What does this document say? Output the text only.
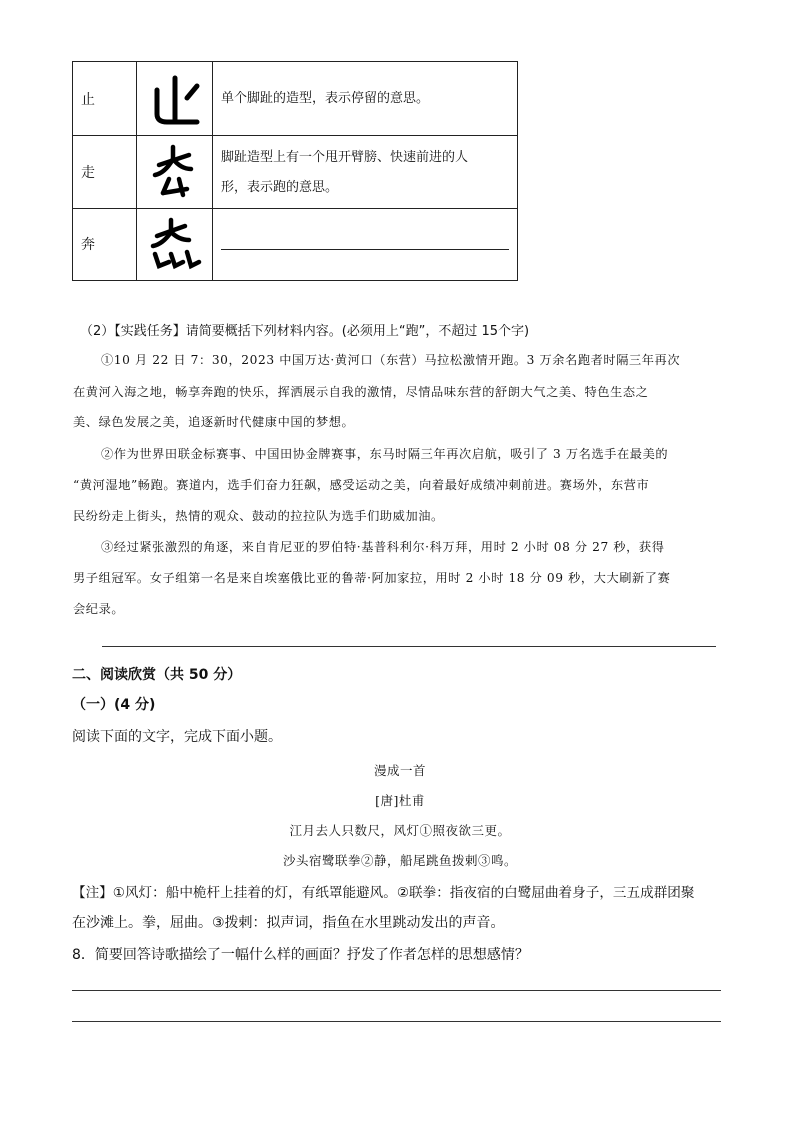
止	单个脚趾的造型，表示停留的意思。
走
脚趾造型上有一个甩开臂膀、快速前进的人
形，表示跑的意思。
奔
（2）【实践任务】请简要概括下列材料内容。(必须用上“跑”，不超过 15个字)
①10 月 22 日 7：30，2023 中国万达·黄河口（东营）马拉松激情开跑。3 万余名跑者时隔三年再次
在黄河入海之地，畅享奔跑的快乐，挥洒展示自我的激情，尽情品味东营的舒朗大气之美、特色生态之
美、绿色发展之美，追逐新时代健康中国的梦想。
②作为世界田联金标赛事、中国田协金牌赛事，东马时隔三年再次启航，吸引了 3 万名选手在最美的
“黄河湿地”畅跑。赛道内，选手们奋力狂飙，感受运动之美，向着最好成绩冲刺前进。赛场外，东营市
民纷纷走上街头，热情的观众、鼓动的拉拉队为选手们助威加油。
③经过紧张激烈的角逐，来自肯尼亚的罗伯特·基普科利尔·科万拜，用时 2 小时 08 分 27 秒，获得
男子组冠军。女子组第一名是来自埃塞俄比亚的鲁蒂·阿加家拉，用时 2 小时 18 分 09 秒，大大刷新了赛
会纪录。
二、阅读欣赏（共 50 分）
（一）(4 分)
阅读下面的文字，完成下面小题。
漫成一首
[唐]杜甫
江月去人只数尺，风灯①照夜欲三更。
沙头宿鹭联拳②静，船尾跳鱼拨剌③鸣。
【注】①风灯：船中桅杆上挂着的灯，有纸罩能避风。②联拳：指夜宿的白鹭屈曲着身子，三五成群团聚
在沙滩上。拳，屈曲。③拨剌：拟声词，指鱼在水里跳动发出的声音。
8．简要回答诗歌描绘了一幅什么样的画面？抒发了作者怎样的思想感情？
